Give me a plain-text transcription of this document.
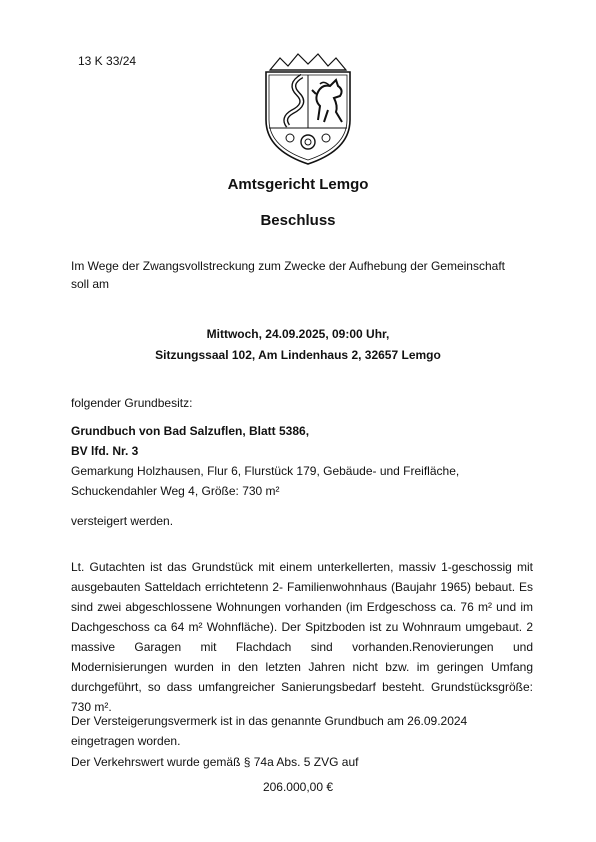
13 K 33/24
Amtsgericht Lemgo
Beschluss
Im Wege der Zwangsvollstreckung zum Zwecke der Aufhebung der Gemeinschaft
soll am
Mittwoch, 24.09.2025, 09:00 Uhr,
Sitzungssaal 102, Am Lindenhaus 2, 32657 Lemgo
folgender Grundbesitz:
Grundbuch von Bad Salzuflen, Blatt 5386,
BV lfd. Nr. 3
Gemarkung Holzhausen, Flur 6, Flurstück 179, Gebäude- und Freifläche,
Schuckendahler Weg 4, Größe: 730 m²
versteigert werden.
Lt. Gutachten ist das Grundstück mit einem unterkellerten, massiv 1-geschossig mit ausgebauten Satteldach errichtetenn 2- Familienwohnhaus (Baujahr 1965) bebaut. Es sind zwei abgeschlossene Wohnungen vorhanden (im Erdgeschoss ca. 76 m² und im Dachgeschoss ca 64 m² Wohnfläche). Der Spitzboden ist zu Wohnraum umgebaut. 2 massive Garagen mit Flachdach sind vorhanden.Renovierungen und Modernisierungen wurden in den letzten Jahren nicht bzw. im geringen Umfang durchgeführt, so dass umfangreicher Sanierungsbedarf besteht. Grundstücksgröße: 730 m².
Der Versteigerungsvermerk ist in das genannte Grundbuch am 26.09.2024
eingetragen worden.
Der Verkehrswert wurde gemäß § 74a Abs. 5 ZVG auf
206.000,00 €
